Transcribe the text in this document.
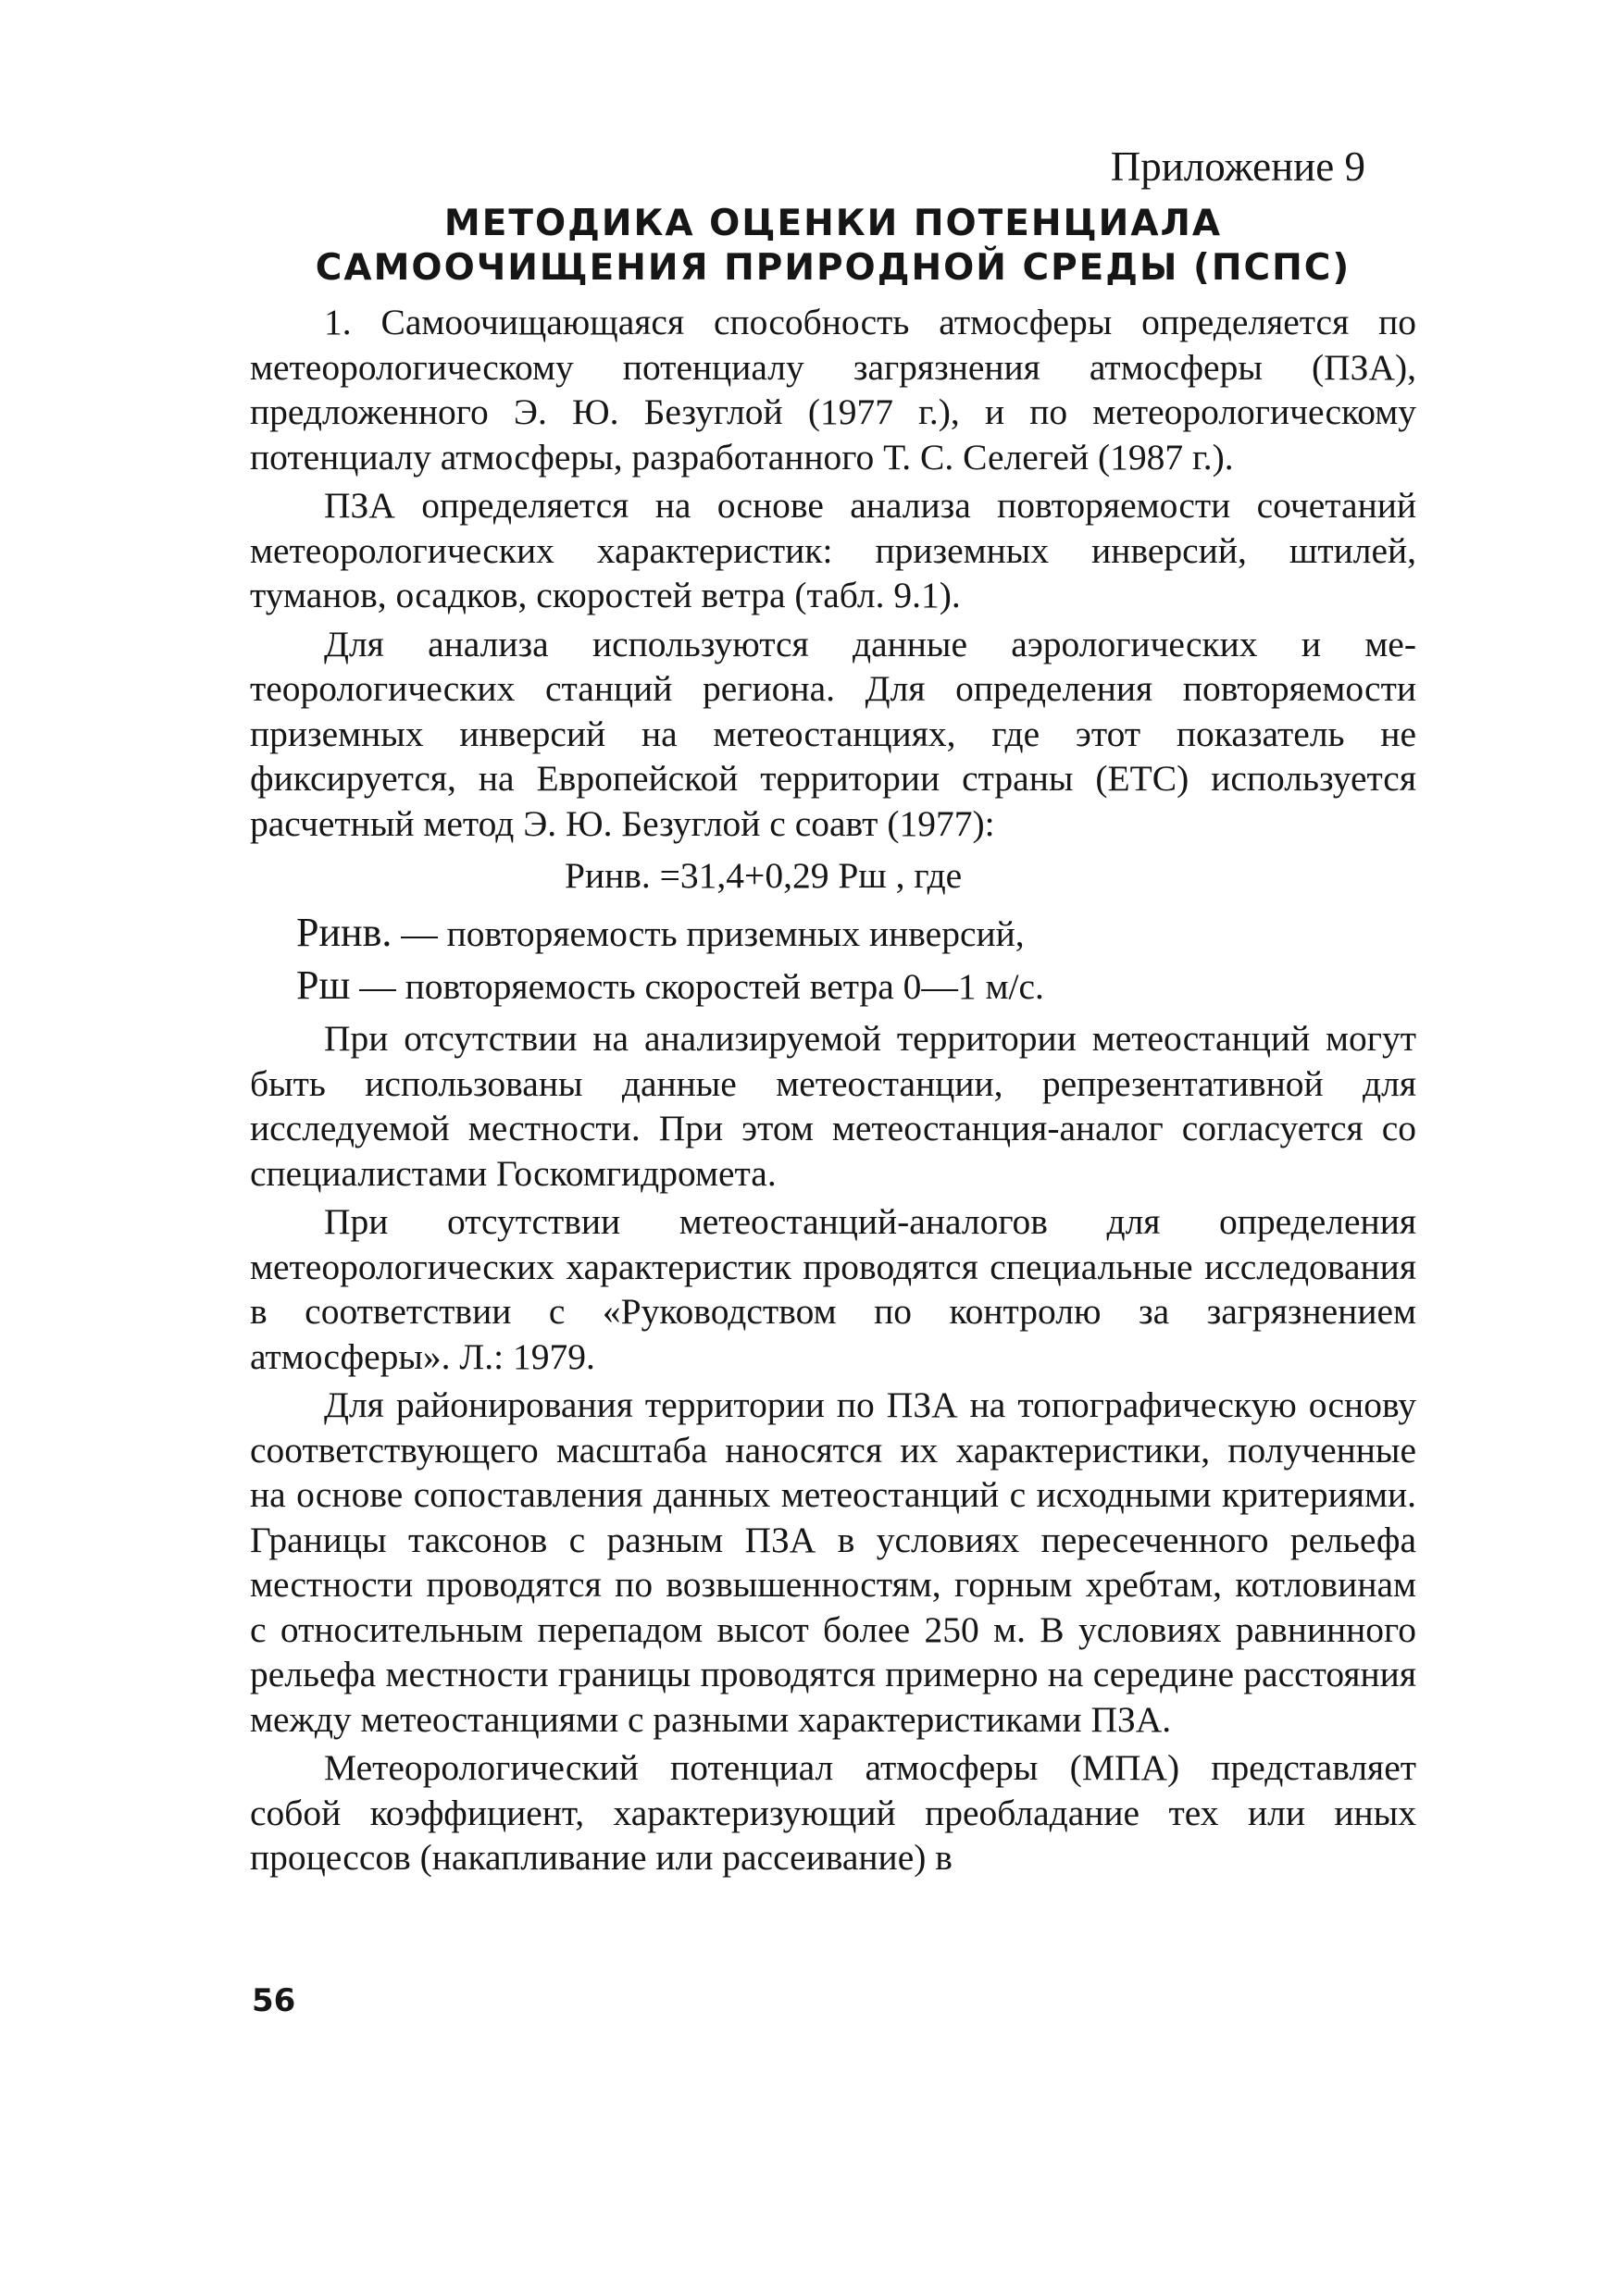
Приложение 9
МЕТОДИКА ОЦЕНКИ ПОТЕНЦИАЛА
САМООЧИЩЕНИЯ ПРИРОДНОЙ СРЕДЫ (ПСПС)

1. Самоочищающаяся способность атмосферы определяется по метеорологическому потенциалу загрязнения атмосферы (ПЗА), предложенного Э. Ю. Безуглой (1977 г.), и по метеорологическому потенциалу атмосферы, разработанного Т. С. Селегей (1987 г.).

ПЗА определяется на основе анализа повторяемости сочетаний метеорологических характеристик: приземных инверсий, штилей, туманов, осадков, скоростей ветра (табл. 9.1).

Для анализа используются данные аэрологических и метеорологических станций региона. Для определения повторяемости приземных инверсий на метеостанциях, где этот показатель не фиксируется, на Европейской территории страны (ЕТС) используется расчетный метод Э. Ю. Безуглой с соавт (1977):

Pинв. =31,4+0,29 Pш , где
Pинв. — повторяемость приземных инверсий,
Pш — повторяемость скоростей ветра 0—1 м/с.

При отсутствии на анализируемой территории метеостанций могут быть использованы данные метеостанции, репрезентативной для исследуемой местности. При этом метеостанция-аналог согласуется со специалистами Госкомгидромета.

При отсутствии метеостанций-аналогов для определения метеорологических характеристик проводятся специальные исследования в соответствии с «Руководством по контролю за загрязнением атмосферы». Л.: 1979.

Для районирования территории по ПЗА на топографическую основу соответствующего масштаба наносятся их характеристики, полученные на основе сопоставления данных метеостанций с исходными критериями. Границы таксонов с разным ПЗА в условиях пересеченного рельефа местности проводятся по возвышенностям, горным хребтам, котловинам с относительным перепадом высот более 250 м. В условиях равнинного рельефа местности границы проводятся примерно на середине расстояния между метеостанциями с разными характеристиками ПЗА.

Метеорологический потенциал атмосферы (МПА) представляет собой коэффициент, характеризующий преобладание тех или иных процессов (накапливание или рассеивание) в

56
